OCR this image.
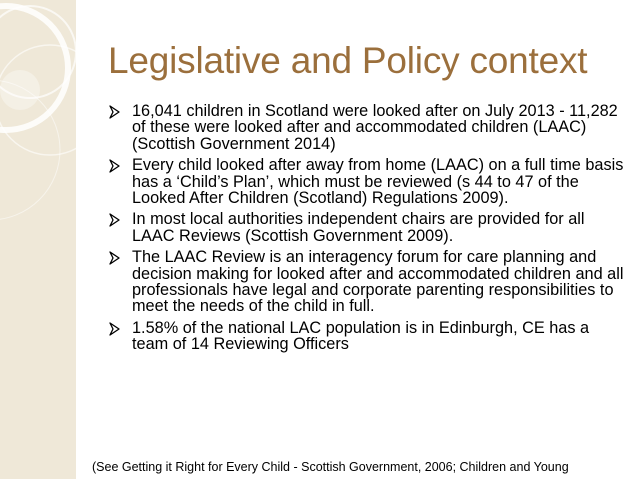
Legislative and Policy context
16,041 children in Scotland were looked after on July 2013 - 11,282 of these were looked after and accommodated children (LAAC) (Scottish Government 2014)
Every child looked after away from home (LAAC) on a full time basis has a ‘Child’s Plan’, which must be reviewed (s 44 to 47 of the Looked After Children (Scotland) Regulations 2009).
In most local authorities independent chairs are provided for all LAAC Reviews (Scottish Government 2009).
The LAAC Review is an interagency forum for care planning and decision making for looked after and accommodated children and all professionals have legal and corporate parenting responsibilities to meet the needs of the child in full.
1.58% of the national LAC population is in Edinburgh, CE has a team of 14 Reviewing Officers
(See Getting it Right for Every Child - Scottish Government, 2006; Children and Young
